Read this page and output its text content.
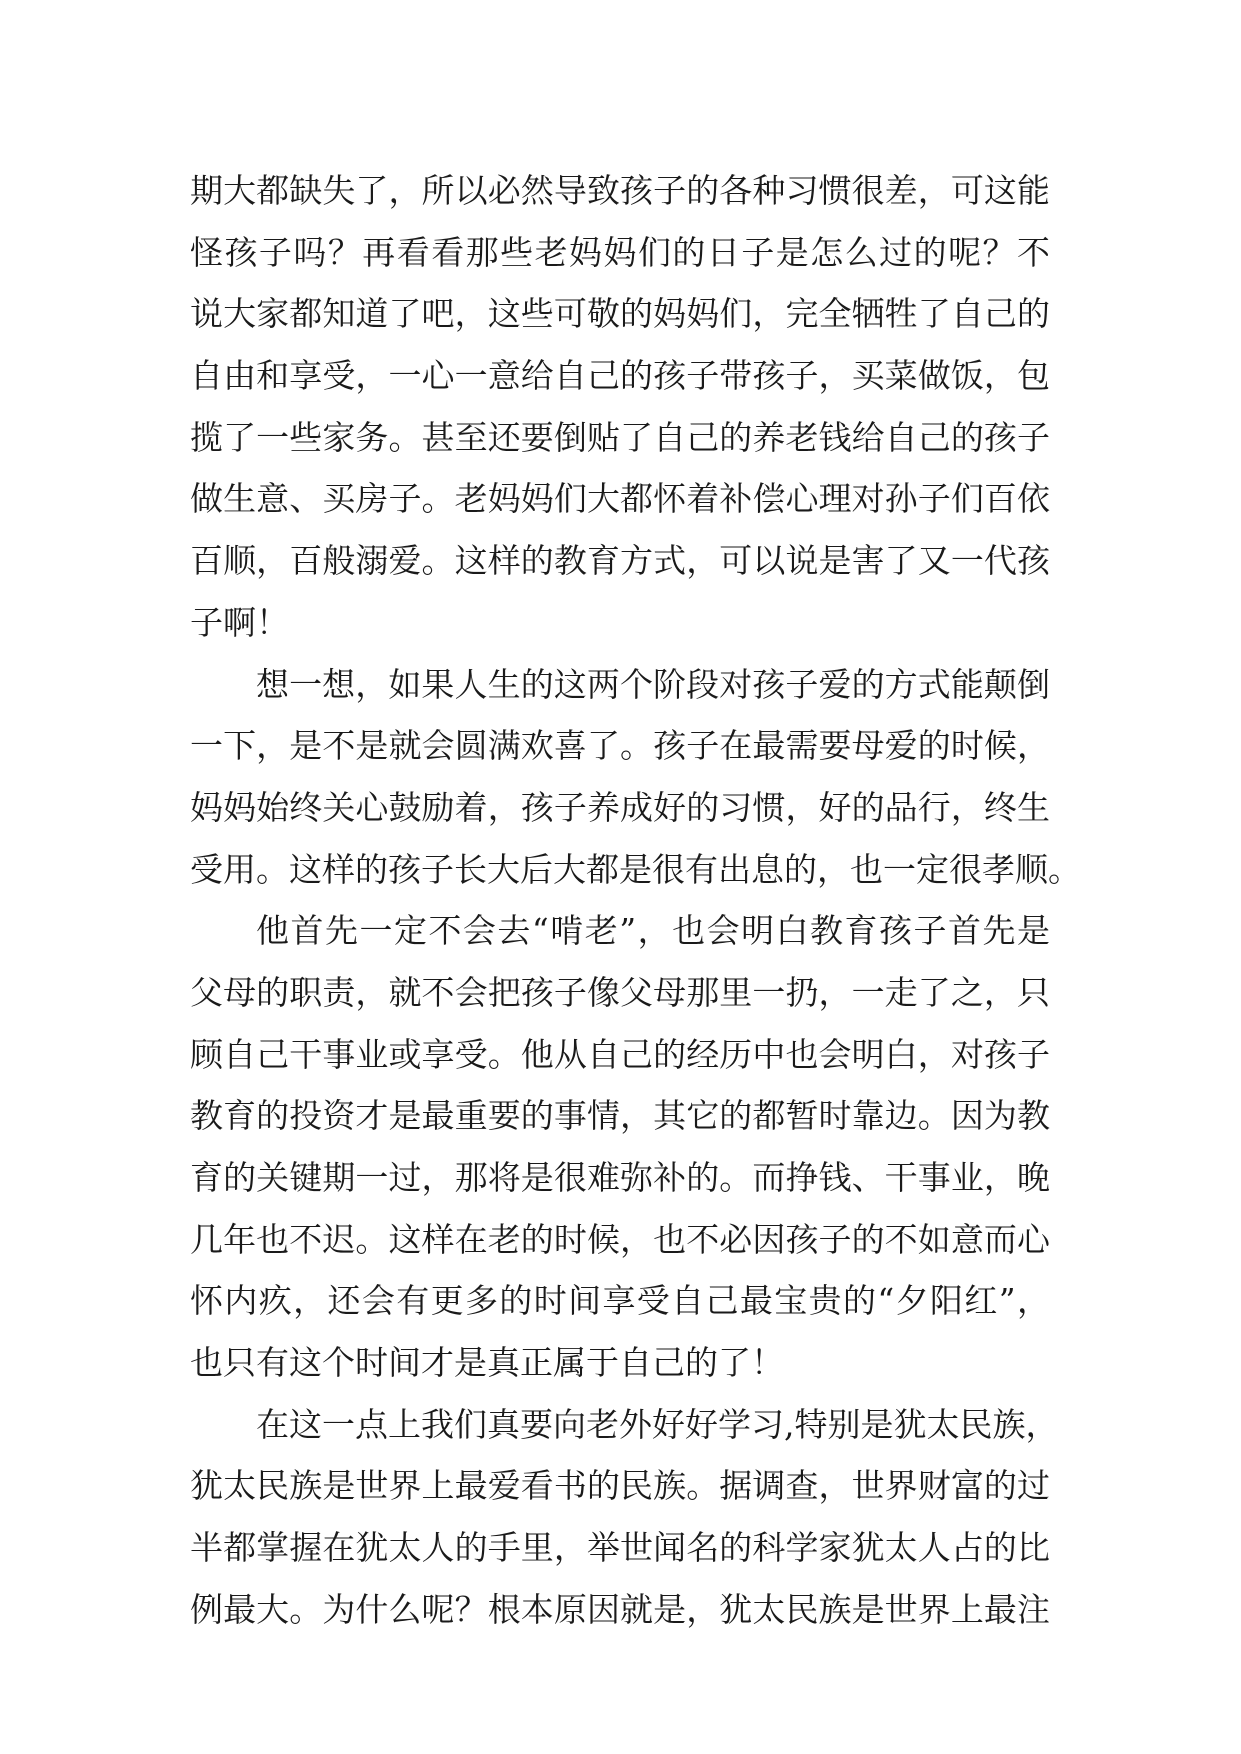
期大都缺失了，所以必然导致孩子的各种习惯很差，可这能
怪孩子吗？再看看那些老妈妈们的日子是怎么过的呢？不
说大家都知道了吧，这些可敬的妈妈们，完全牺牲了自己的
自由和享受，一心一意给自己的孩子带孩子，买菜做饭，包
揽了一些家务。甚至还要倒贴了自己的养老钱给自己的孩子
做生意、买房子。老妈妈们大都怀着补偿心理对孙子们百依
百顺，百般溺爱。这样的教育方式，可以说是害了又一代孩
子啊！
想一想，如果人生的这两个阶段对孩子爱的方式能颠倒
一下，是不是就会圆满欢喜了。孩子在最需要母爱的时候，
妈妈始终关心鼓励着，孩子养成好的习惯，好的品行，终生
受用。这样的孩子长大后大都是很有出息的，也一定很孝顺。
他首先一定不会去“啃老”，也会明白教育孩子首先是
父母的职责，就不会把孩子像父母那里一扔，一走了之，只
顾自己干事业或享受。他从自己的经历中也会明白，对孩子
教育的投资才是最重要的事情，其它的都暂时靠边。因为教
育的关键期一过，那将是很难弥补的。而挣钱、干事业，晚
几年也不迟。这样在老的时候，也不必因孩子的不如意而心
怀内疚，还会有更多的时间享受自己最宝贵的“夕阳红”，
也只有这个时间才是真正属于自己的了！
在这一点上我们真要向老外好好学习,特别是犹太民族，
犹太民族是世界上最爱看书的民族。据调查，世界财富的过
半都掌握在犹太人的手里，举世闻名的科学家犹太人占的比
例最大。为什么呢？根本原因就是，犹太民族是世界上最注
